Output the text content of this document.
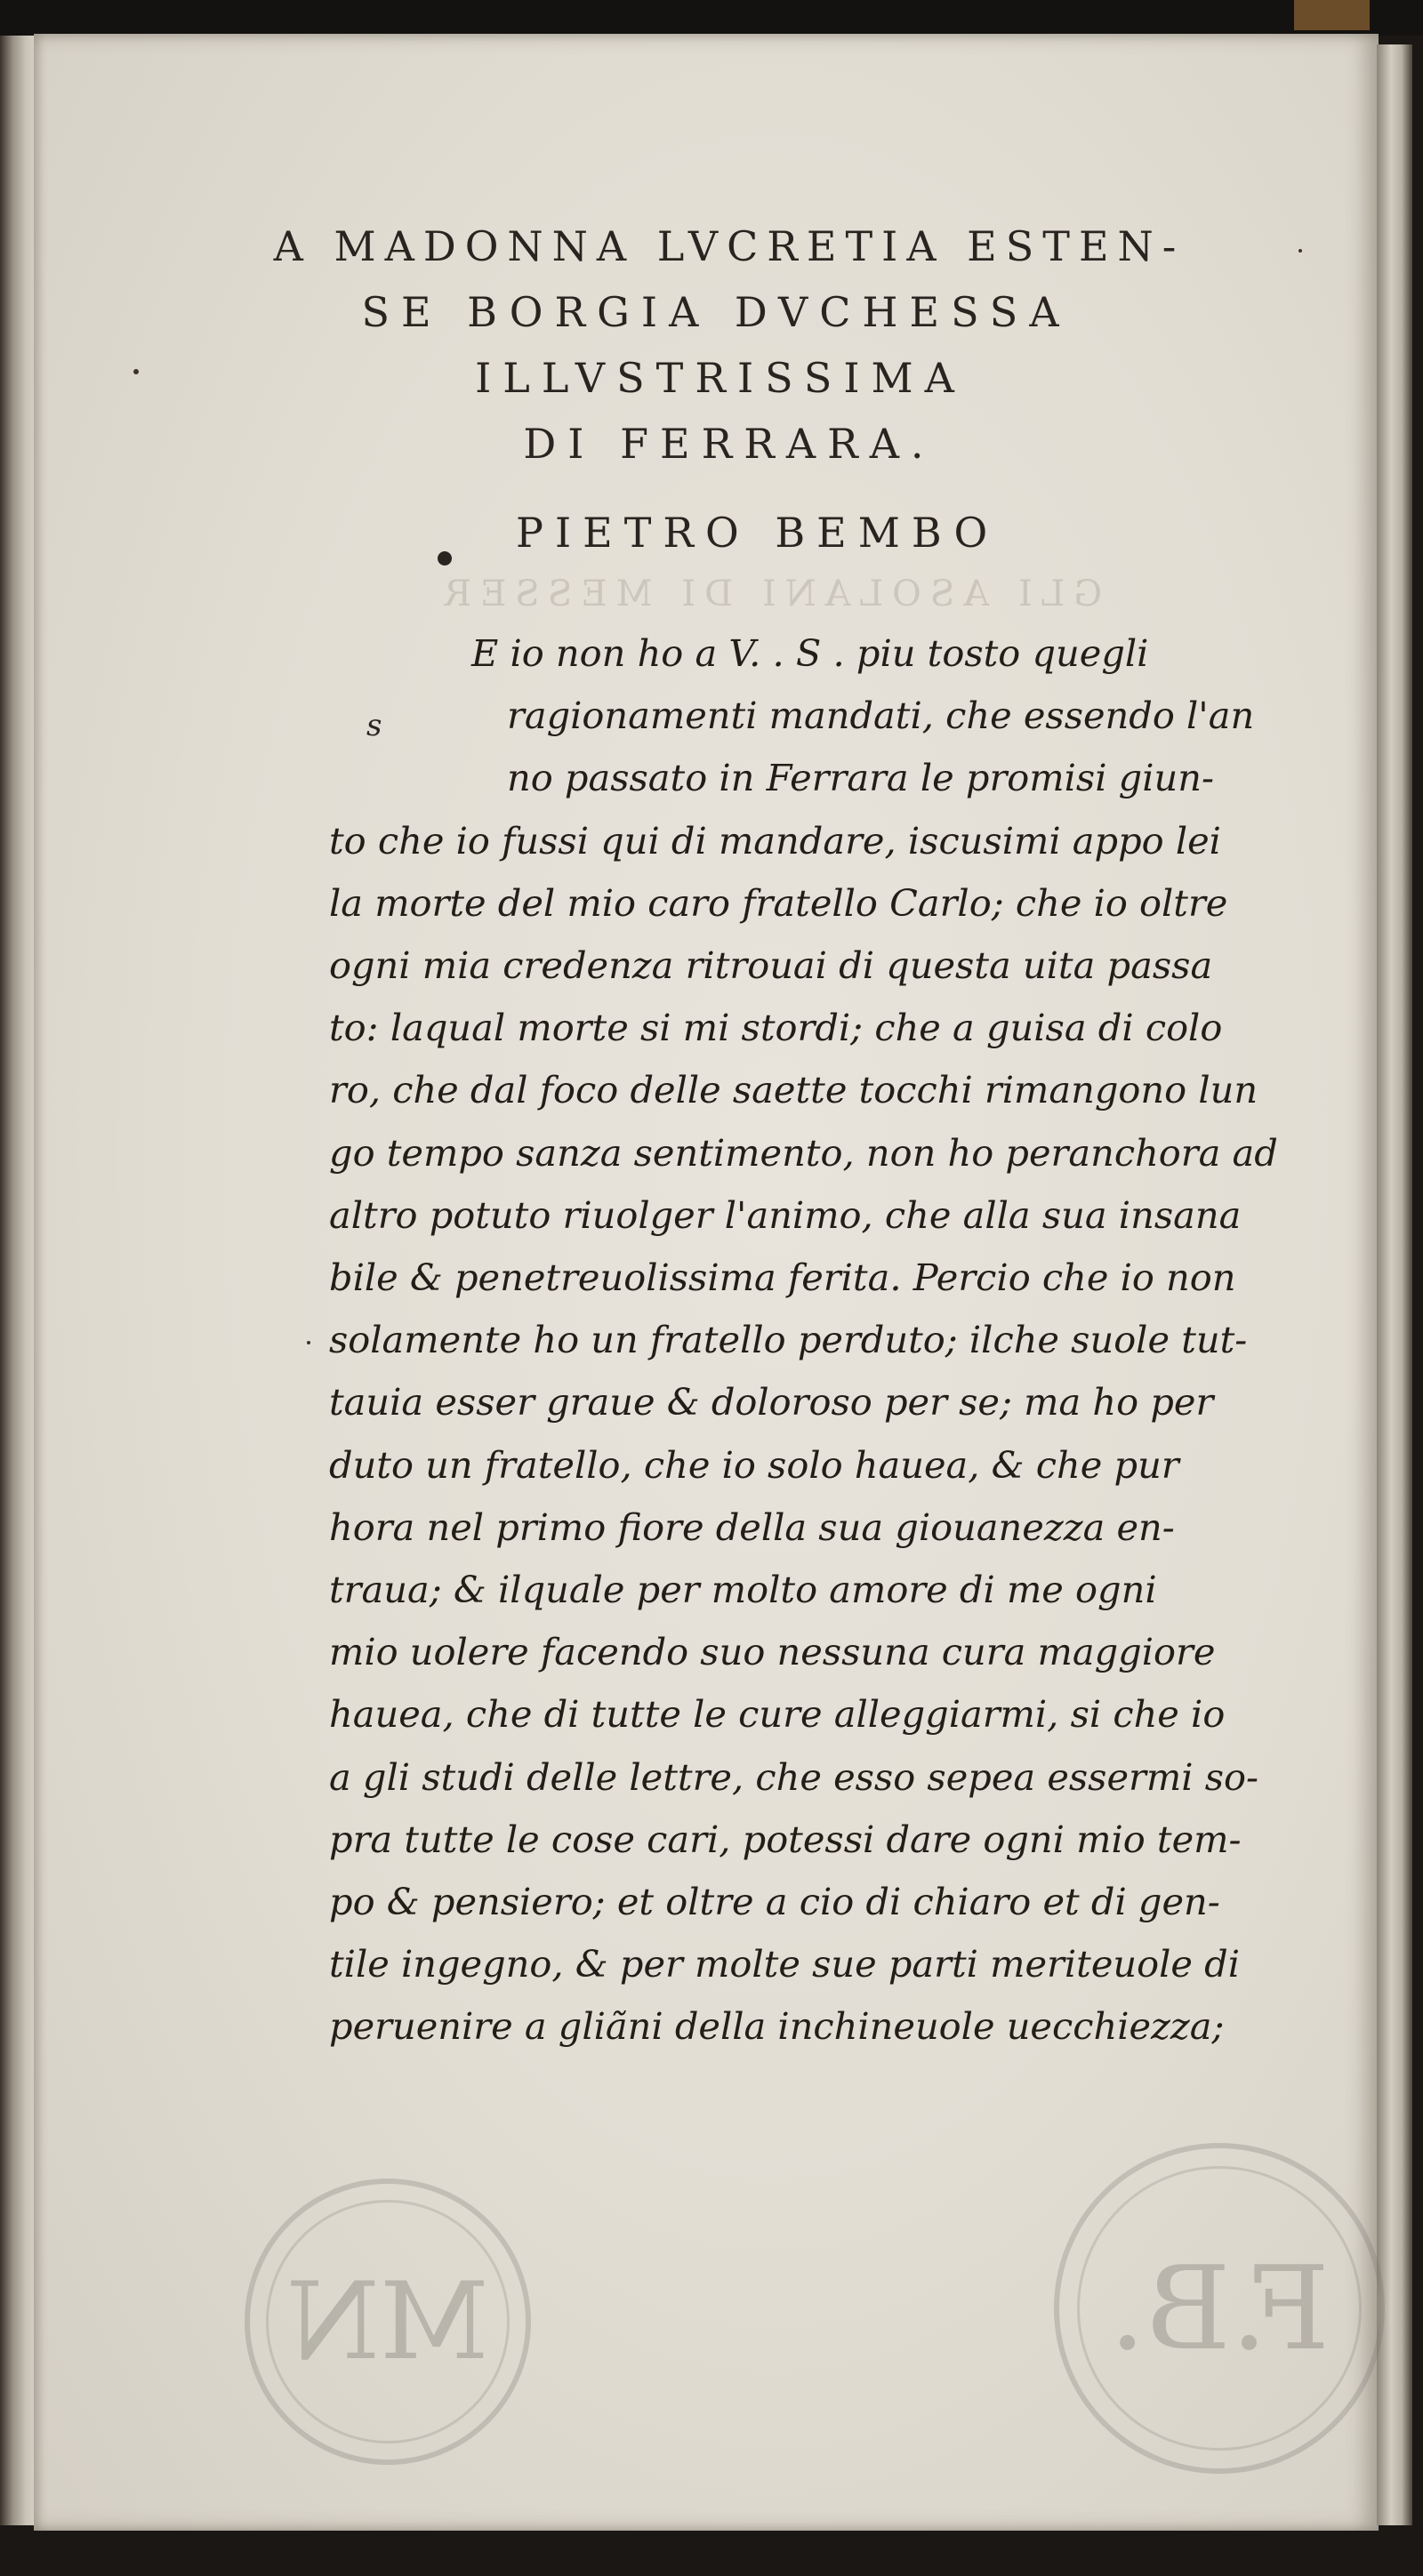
GLI ASOLANI DI MESSER
A MADONNA LVCRETIA ESTEN-
SE BORGIA DVCHESSA
ILLVSTRISSIMA
DI FERRARA.
PIETRO BEMBO
s
E io non ho a V. . S . piu tosto quegli
ragionamenti mandati, che essendo l'an
no passato in Ferrara le promisi giun-
to che io fussi qui di mandare, iscusimi appo lei
la morte del mio caro fratello Carlo; che io oltre
ogni mia credenza ritrouai di questa uita passa
to: laqual morte si mi stordi; che a guisa di colo
ro, che dal foco delle saette tocchi rimangono lun
go tempo sanza sentimento, non ho peranchora ad
altro potuto riuolger l'animo, che alla sua insana
bile & penetreuolissima ferita. Percio che io non
solamente ho un fratello perduto; ilche suole tut-
tauia esser graue & doloroso per se; ma ho per
duto un fratello, che io solo hauea, & che pur
hora nel primo fiore della sua giouanezza en-
traua; & ilquale per molto amore di me ogni
mio uolere facendo suo nessuna cura maggiore
hauea, che di tutte le cure alleggiarmi, si che io
a gli studi delle lettre, che esso sepea essermi so-
pra tutte le cose cari, potessi dare ogni mio tem-
po & pensiero; et oltre a cio di chiaro et di gen-
tile ingegno, & per molte sue parti meriteuole di
peruenire a gliãni della inchineuole uecchiezza;
MN	F.B.
